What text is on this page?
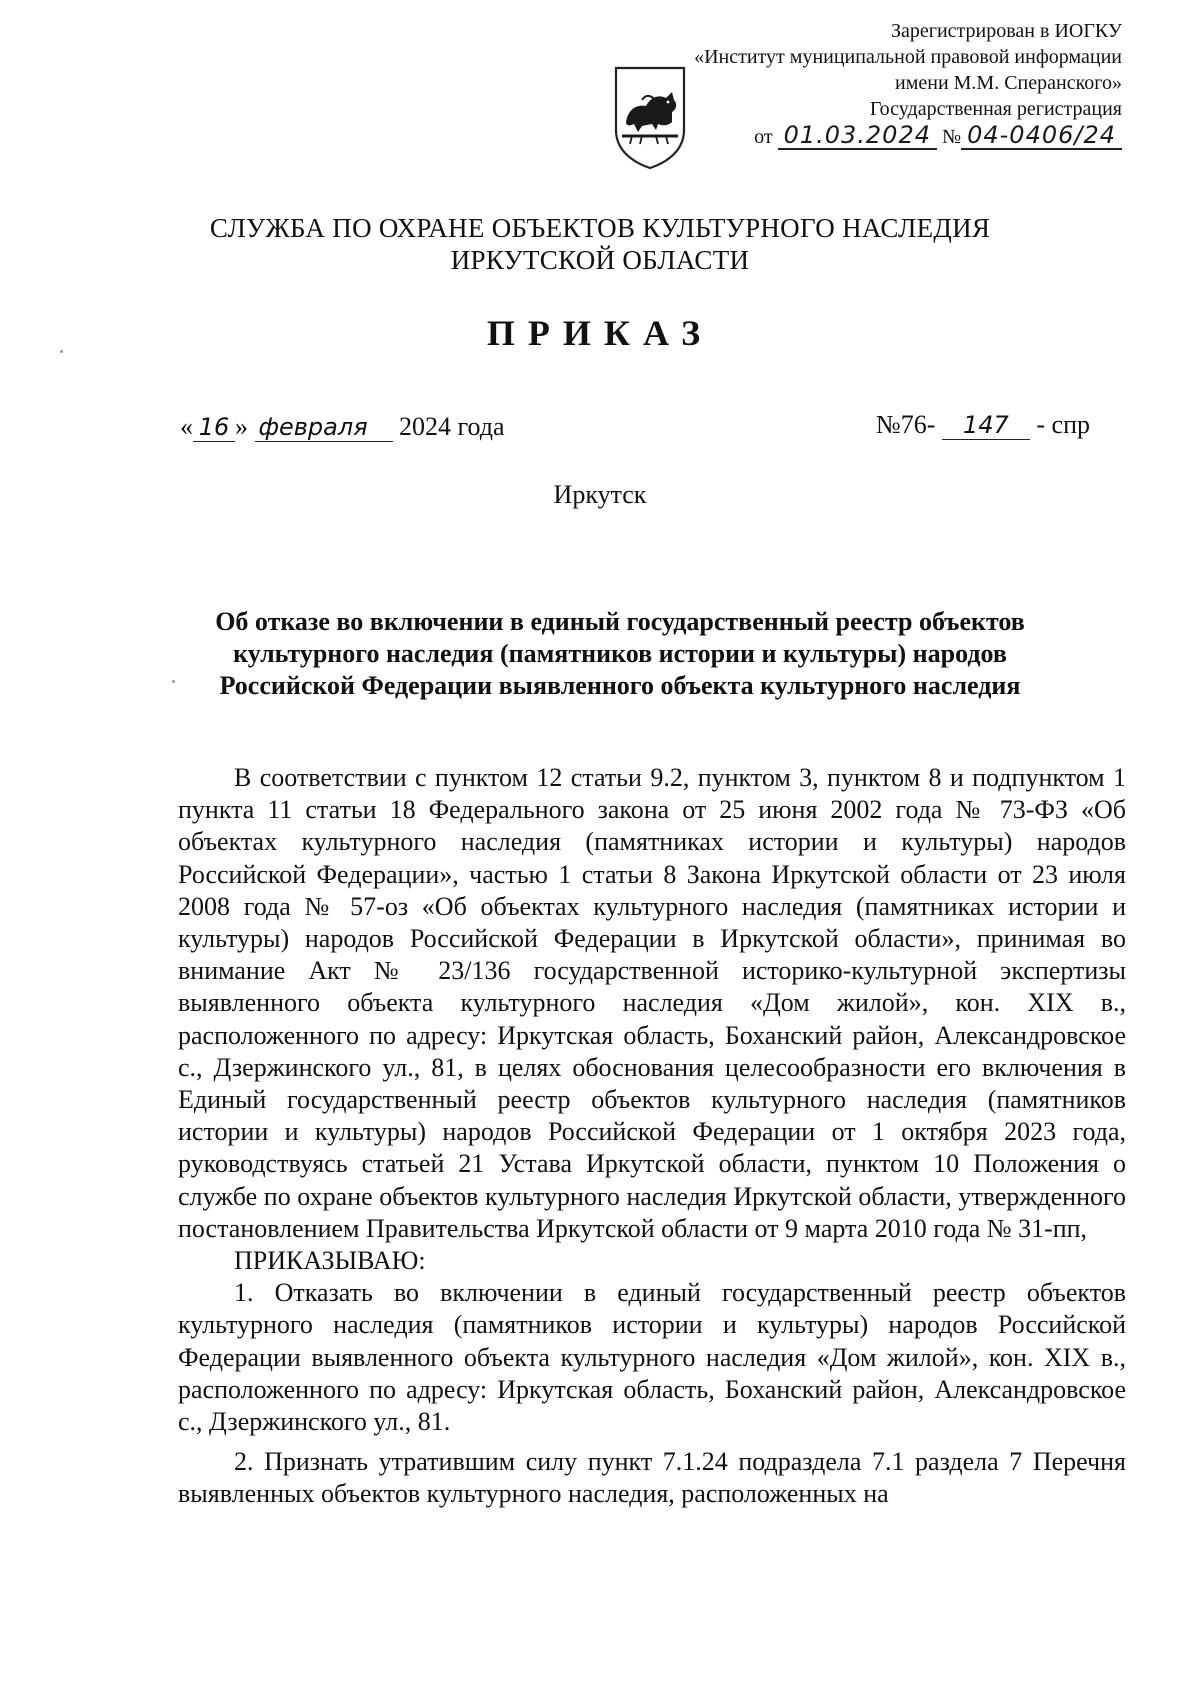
Зарегистрирован в ИОГКУ
«Институт муниципальной правовой информации
имени М.М. Сперанского»
Государственная регистрация
от 01.03.2024 № 04-0406/24
СЛУЖБА ПО ОХРАНЕ ОБЪЕКТОВ КУЛЬТУРНОГО НАСЛЕДИЯ
ИРКУТСКОЙ ОБЛАСТИ
ПРИКАЗ
« 16 » февраля 2024 года	№76- 147 - спр
Иркутск
Об отказе во включении в единый государственный реестр объектов культурного наследия (памятников истории и культуры) народов Российской Федерации выявленного объекта культурного наследия

В соответствии с пунктом 12 статьи 9.2, пунктом 3, пунктом 8 и подпунктом 1 пункта 11 статьи 18 Федерального закона от 25 июня 2002 года № 73-ФЗ «Об объектах культурного наследия (памятниках истории и культуры) народов Российской Федерации», частью 1 статьи 8 Закона Иркутской области от 23 июля 2008 года № 57-оз «Об объектах культурного наследия (памятниках истории и культуры) народов Российской Федерации в Иркутской области», принимая во внимание Акт № 23/136 государственной историко-культурной экспертизы выявленного объекта культурного наследия «Дом жилой», кон. XIX в., расположенного по адресу: Иркутская область, Боханский район, Александровское с., Дзержинского ул., 81, в целях обоснования целесообразности его включения в Единый государственный реестр объектов культурного наследия (памятников истории и культуры) народов Российской Федерации от 1 октября 2023 года, руководствуясь статьей 21 Устава Иркутской области, пунктом 10 Положения о службе по охране объектов культурного наследия Иркутской области, утвержденного постановлением Правительства Иркутской области от 9 марта 2010 года № 31-пп,

ПРИКАЗЫВАЮ:

1. Отказать во включении в единый государственный реестр объектов культурного наследия (памятников истории и культуры) народов Российской Федерации выявленного объекта культурного наследия «Дом жилой», кон. XIX в., расположенного по адресу: Иркутская область, Боханский район, Александровское с., Дзержинского ул., 81.

2. Признать утратившим силу пункт 7.1.24 подраздела 7.1 раздела 7 Перечня выявленных объектов культурного наследия, расположенных на
